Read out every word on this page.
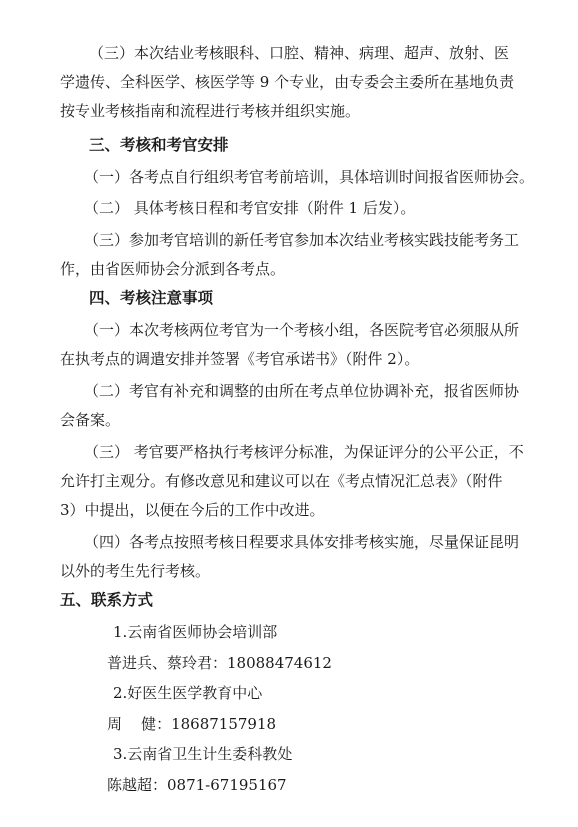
（三）本次结业考核眼科、口腔、精神、病理、超声、放射、医
学遗传、全科医学、核医学等 9 个专业，由专委会主委所在基地负责
按专业考核指南和流程进行考核并组织实施。
三、考核和考官安排
（一）各考点自行组织考官考前培训，具体培训时间报省医师协会。
（二） 具体考核日程和考官安排（附件 1 后发）。
（三）参加考官培训的新任考官参加本次结业考核实践技能考务工
作，由省医师协会分派到各考点。
四、考核注意事项
（一）本次考核两位考官为一个考核小组，各医院考官必须服从所
在执考点的调遣安排并签署《考官承诺书》（附件 2）。
（二）考官有补充和调整的由所在考点单位协调补充，报省医师协
会备案。
（三） 考官要严格执行考核评分标准，为保证评分的公平公正，不
允许打主观分。有修改意见和建议可以在《考点情况汇总表》（附件
3）中提出，以便在今后的工作中改进。
（四）各考点按照考核日程要求具体安排考核实施，尽量保证昆明
以外的考生先行考核。
五、联系方式
1.云南省医师协会培训部
普进兵、蔡玲君：18088474612
2.好医生医学教育中心
周    健：18687157918
3.云南省卫生计生委科教处
陈越超：0871-67195167
